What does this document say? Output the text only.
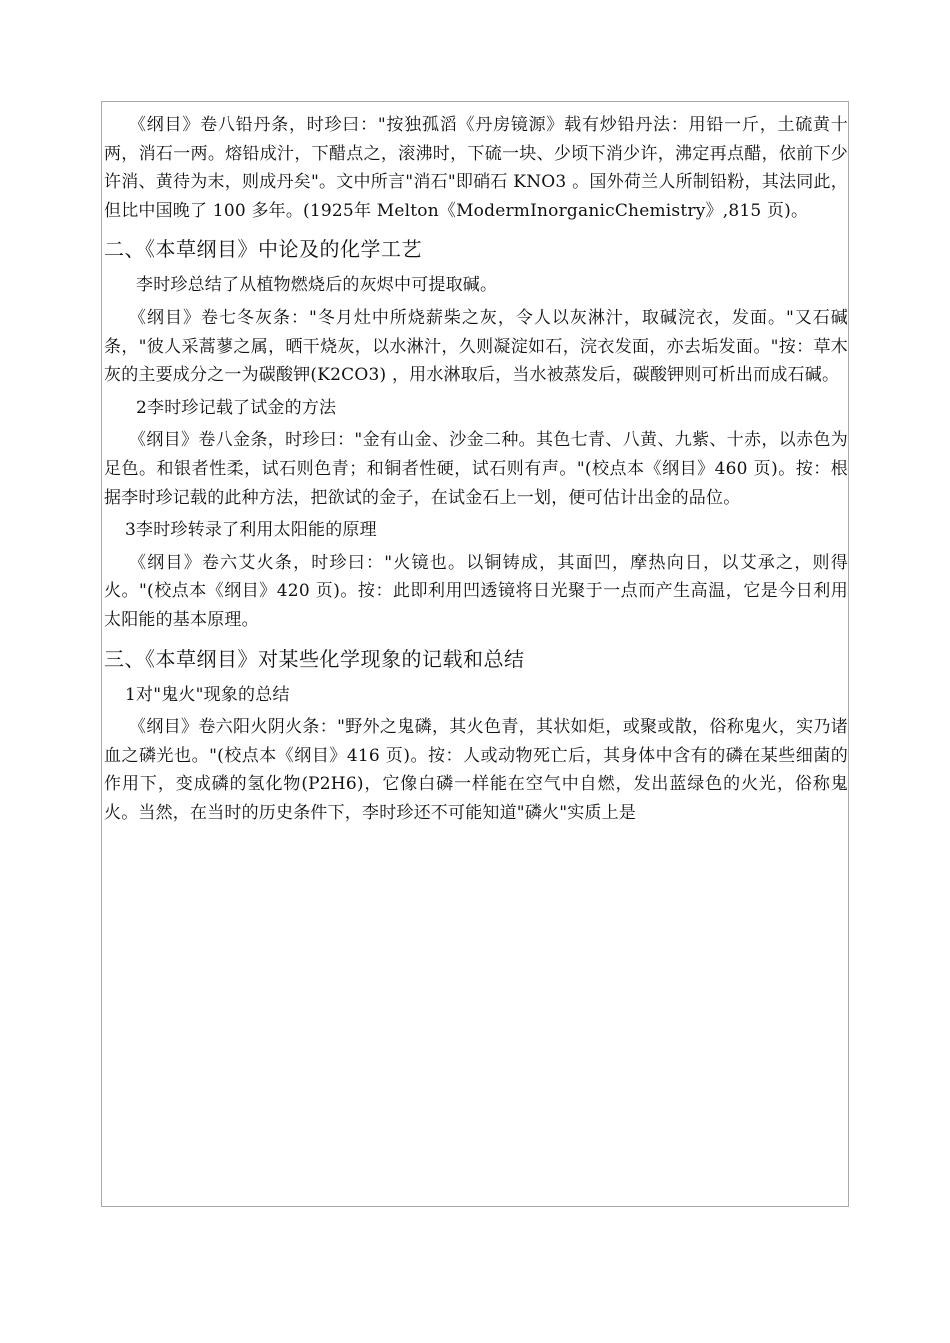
《纲目》卷八铅丹条，时珍曰："按独孤滔《丹房镜源》载有炒铅丹法：用铅一斤，土硫黄十两，消石一两。熔铅成汁，下醋点之，滚沸时，下硫一块、少顷下消少许，沸定再点醋，依前下少许消、黄待为末，则成丹矣"。文中所言"消石"即硝石 KNO3 。国外荷兰人所制铅粉，其法同此，但比中国晚了 100 多年。(1925年 Melton《ModermInorganicChemistry》,815 页)。

二、《本草纲目》中论及的化学工艺

李时珍总结了从植物燃烧后的灰烬中可提取碱。

《纲目》卷七冬灰条："冬月灶中所烧薪柴之灰，令人以灰淋汁，取碱浣衣，发面。"又石碱条，"彼人采蒿蓼之属，晒干烧灰，以水淋汁，久则凝淀如石，浣衣发面，亦去垢发面。"按：草木灰的主要成分之一为碳酸钾(K2CO3) ，用水淋取后，当水被蒸发后，碳酸钾则可析出而成石碱。

2李时珍记载了试金的方法

《纲目》卷八金条，时珍曰："金有山金、沙金二种。其色七青、八黄、九紫、十赤，以赤色为足色。和银者性柔，试石则色青；和铜者性硬，试石则有声。"(校点本《纲目》460 页)。按：根据李时珍记载的此种方法，把欲试的金子，在试金石上一划，便可估计出金的品位。

3李时珍转录了利用太阳能的原理

《纲目》卷六艾火条，时珍曰："火镜也。以铜铸成，其面凹，摩热向日，以艾承之，则得火。"(校点本《纲目》420 页)。按：此即利用凹透镜将日光聚于一点而产生高温，它是今日利用太阳能的基本原理。

三、《本草纲目》对某些化学现象的记载和总结

1对"鬼火"现象的总结

《纲目》卷六阳火阴火条："野外之鬼磷，其火色青，其状如炬，或聚或散，俗称鬼火，实乃诸血之磷光也。"(校点本《纲目》416 页)。按：人或动物死亡后，其身体中含有的磷在某些细菌的作用下，变成磷的氢化物(P2H6)，它像白磷一样能在空气中自燃，发出蓝绿色的火光，俗称鬼火。当然，在当时的历史条件下，李时珍还不可能知道"磷火"实质上是
